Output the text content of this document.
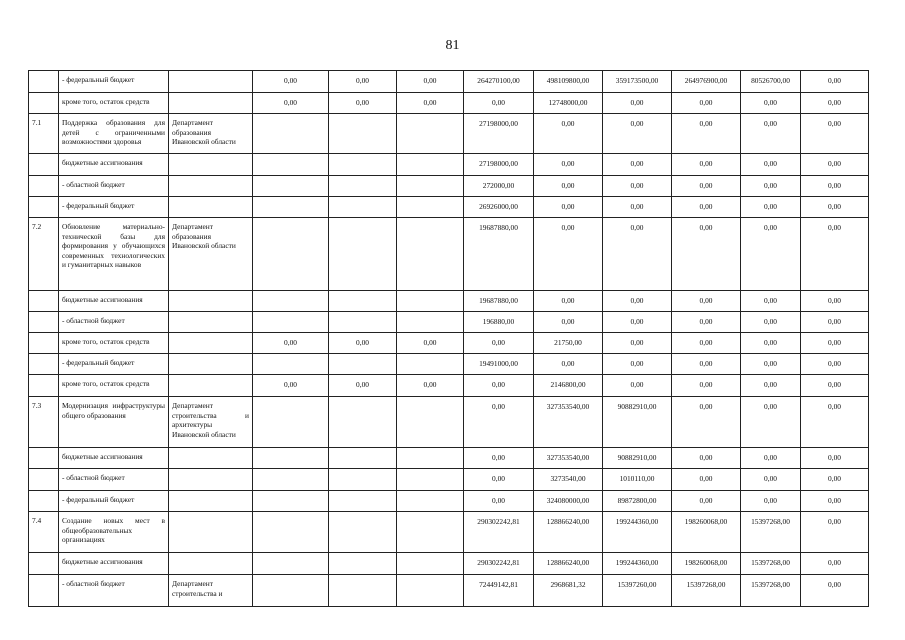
81
	- федеральный бюджет		0,00	0,00	0,00	264270100,00	498109800,00	359173500,00	264976900,00	80526700,00	0,00
	кроме того, остаток средств		0,00	0,00	0,00	0,00	12748000,00	0,00	0,00	0,00	0,00
7.1	Поддержка образования для детей с ограниченными возможностями здоровья	Департамент образования Ивановской области				27198000,00	0,00	0,00	0,00	0,00	0,00
	бюджетные ассигнования					27198000,00	0,00	0,00	0,00	0,00	0,00
	- областной бюджет					272000,00	0,00	0,00	0,00	0,00	0,00
	- федеральный бюджет					26926000,00	0,00	0,00	0,00	0,00	0,00
7.2	Обновление материально-технической базы для формирования у обучающихся современных технологических и гуманитарных навыков	Департамент образования Ивановской области				19687880,00	0,00	0,00	0,00	0,00	0,00
	бюджетные ассигнования					19687880,00	0,00	0,00	0,00	0,00	0,00
	- областной бюджет					196880,00	0,00	0,00	0,00	0,00	0,00
	кроме того, остаток средств		0,00	0,00	0,00	0,00	21750,00	0,00	0,00	0,00	0,00
	- федеральный бюджет					19491000,00	0,00	0,00	0,00	0,00	0,00
	кроме того, остаток средств		0,00	0,00	0,00	0,00	2146800,00	0,00	0,00	0,00	0,00
7.3	Модернизация инфраструктуры общего образования	Департамент строительства и архитектуры Ивановской области				0,00	327353540,00	90882910,00	0,00	0,00	0,00
	бюджетные ассигнования					0,00	327353540,00	90882910,00	0,00	0,00	0,00
	- областной бюджет					0,00	3273540,00	1010110,00	0,00	0,00	0,00
	- федеральный бюджет					0,00	324080000,00	89872800,00	0,00	0,00	0,00
7.4	Создание новых мест в общеобразовательных организациях					290302242,81	128866240,00	199244360,00	198260068,00	15397268,00	0,00
	бюджетные ассигнования					290302242,81	128866240,00	199244360,00	198260068,00	15397268,00	0,00
	- областной бюджет	Департамент строительства и				72449142,81	2968681,32	15397260,00	15397268,00	15397268,00	0,00
